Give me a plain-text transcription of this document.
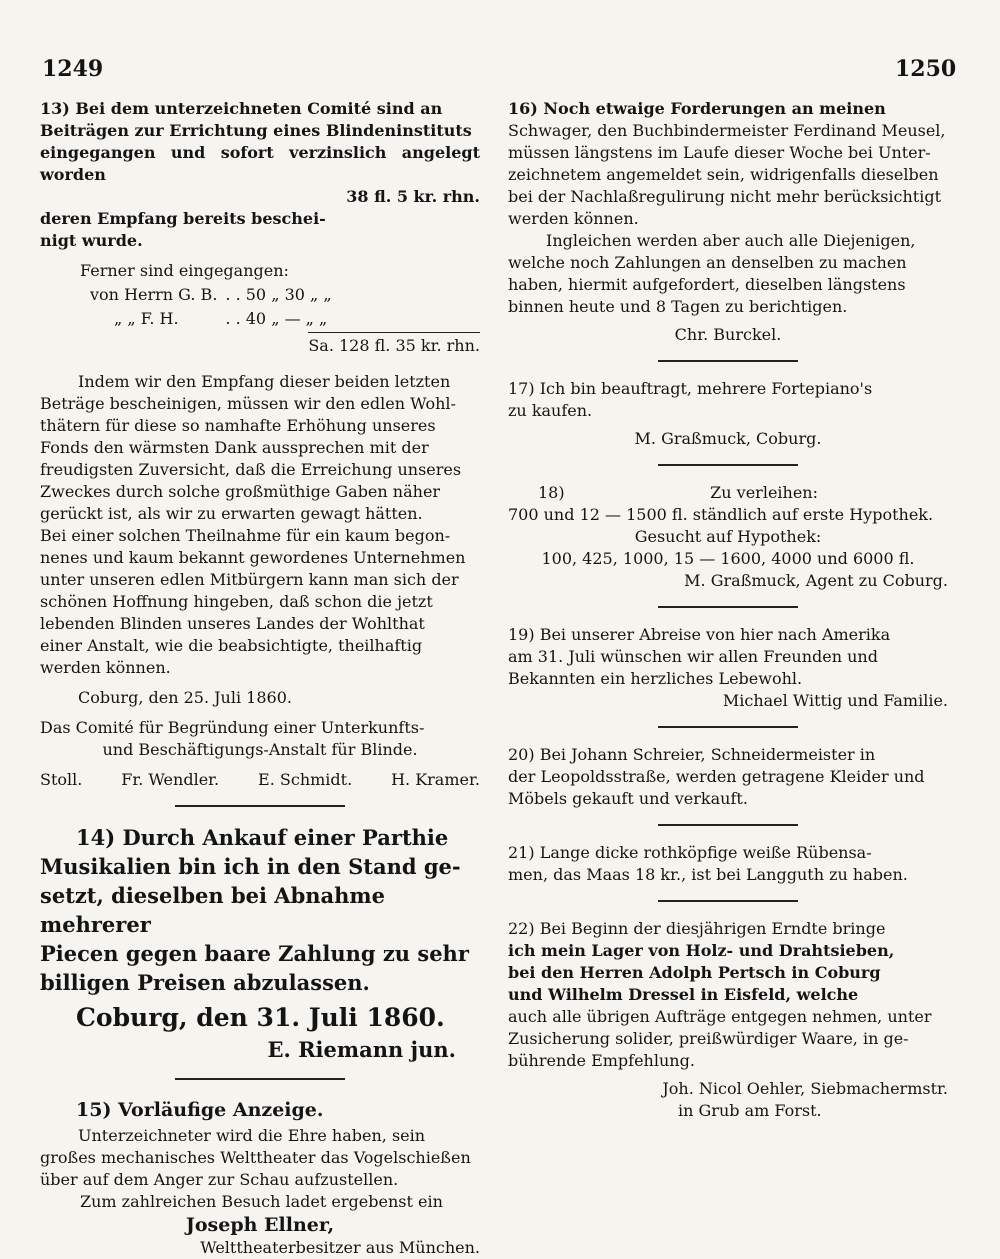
1249	1250
13) Bei dem unterzeichneten Comité sind an
Beiträgen zur Errichtung eines Blindeninstituts
eingegangen und sofort verzinslich angelegt worden
38 fl. 5 kr. rhn.
deren Empfang bereits beschei-
nigt wurde.
Ferner sind eingegangen:
von Herrn G. B.	. . 50 „ 30 „ „
„ „ F. H.	. . 40 „ — „ „
Sa. 128 fl. 35 kr. rhn.
Indem wir den Empfang dieser beiden letzten
Beträge bescheinigen, müssen wir den edlen Wohl-
thätern für diese so namhafte Erhöhung unseres
Fonds den wärmsten Dank aussprechen mit der
freudigsten Zuversicht, daß die Erreichung unseres
Zweckes durch solche großmüthige Gaben näher
gerückt ist, als wir zu erwarten gewagt hätten.
Bei einer solchen Theilnahme für ein kaum begon-
nenes und kaum bekannt gewordenes Unternehmen
unter unseren edlen Mitbürgern kann man sich der
schönen Hoffnung hingeben, daß schon die jetzt
lebenden Blinden unseres Landes der Wohlthat
einer Anstalt, wie die beabsichtigte, theilhaftig
werden können.
Coburg, den 25. Juli 1860.
Das Comité für Begründung einer Unterkunfts-
und Beschäftigungs-Anstalt für Blinde.
Stoll. Fr. Wendler. E. Schmidt. H. Kramer.
14) Durch Ankauf einer Parthie
Musikalien bin ich in den Stand ge-
setzt, dieselben bei Abnahme mehrerer
Piecen gegen baare Zahlung zu sehr
billigen Preisen abzulassen.
Coburg, den 31. Juli 1860.
E. Riemann jun.
15) Vorläufige Anzeige.
Unterzeichneter wird die Ehre haben, sein
großes mechanisches Welttheater das Vogelschießen
über auf dem Anger zur Schau aufzustellen.
Zum zahlreichen Besuch ladet ergebenst ein
Joseph Ellner,
Welttheaterbesitzer aus München.
16) Noch etwaige Forderungen an meinen
Schwager, den Buchbindermeister Ferdinand Meusel,
müssen längstens im Laufe dieser Woche bei Unter-
zeichnetem angemeldet sein, widrigenfalls dieselben
bei der Nachlaßregulirung nicht mehr berücksichtigt
werden können.
Ingleichen werden aber auch alle Diejenigen,
welche noch Zahlungen an denselben zu machen
haben, hiermit aufgefordert, dieselben längstens
binnen heute und 8 Tagen zu berichtigen.
Chr. Burckel.
17) Ich bin beauftragt, mehrere Fortepiano's
zu kaufen.
M. Graßmuck, Coburg.
18)	Zu verleihen:
700 und 12 — 1500 fl. ständlich auf erste Hypothek.
Gesucht auf Hypothek:
100, 425, 1000, 15 — 1600, 4000 und 6000 fl.
M. Graßmuck, Agent zu Coburg.
19) Bei unserer Abreise von hier nach Amerika
am 31. Juli wünschen wir allen Freunden und
Bekannten ein herzliches Lebewohl.
Michael Wittig und Familie.
20) Bei Johann Schreier, Schneidermeister in
der Leopoldsstraße, werden getragene Kleider und
Möbels gekauft und verkauft.
21) Lange dicke rothköpfige weiße Rübensa-
men, das Maas 18 kr., ist bei Langguth zu haben.
22) Bei Beginn der diesjährigen Erndte bringe
ich mein Lager von Holz- und Drahtsieben,
bei den Herren Adolph Pertsch in Coburg
und Wilhelm Dressel in Eisfeld, welche
auch alle übrigen Aufträge entgegen nehmen, unter
Zusicherung solider, preißwürdiger Waare, in ge-
bührende Empfehlung.
Joh. Nicol Oehler, Siebmachermstr.
in Grub am Forst.
